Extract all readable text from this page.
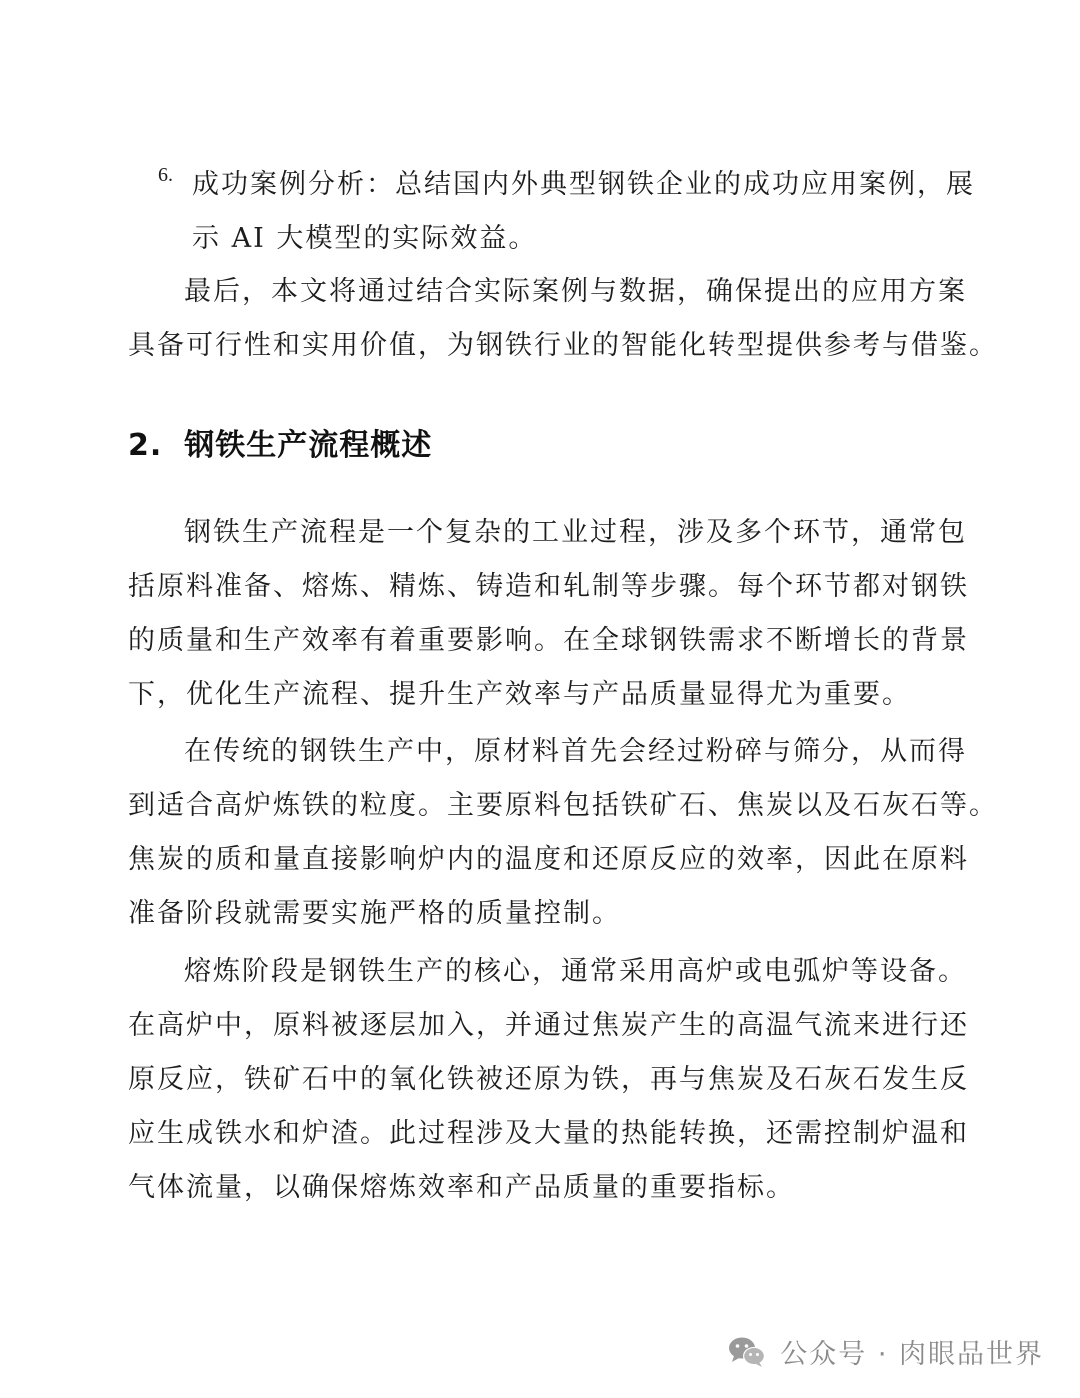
6. 成功案例分析：总结国内外典型钢铁企业的成功应用案例，展
示 AI 大模型的实际效益。
最后，本文将通过结合实际案例与数据，确保提出的应用方案
具备可行性和实用价值，为钢铁行业的智能化转型提供参考与借鉴。
2. 钢铁生产流程概述
钢铁生产流程是一个复杂的工业过程，涉及多个环节，通常包
括原料准备、熔炼、精炼、铸造和轧制等步骤。每个环节都对钢铁
的质量和生产效率有着重要影响。在全球钢铁需求不断增长的背景
下，优化生产流程、提升生产效率与产品质量显得尤为重要。
在传统的钢铁生产中，原材料首先会经过粉碎与筛分，从而得
到适合高炉炼铁的粒度。主要原料包括铁矿石、焦炭以及石灰石等。
焦炭的质和量直接影响炉内的温度和还原反应的效率，因此在原料
准备阶段就需要实施严格的质量控制。
熔炼阶段是钢铁生产的核心，通常采用高炉或电弧炉等设备。
在高炉中，原料被逐层加入，并通过焦炭产生的高温气流来进行还
原反应，铁矿石中的氧化铁被还原为铁，再与焦炭及石灰石发生反
应生成铁水和炉渣。此过程涉及大量的热能转换，还需控制炉温和
气体流量，以确保熔炼效率和产品质量的重要指标。
公众号 · 肉眼品世界
